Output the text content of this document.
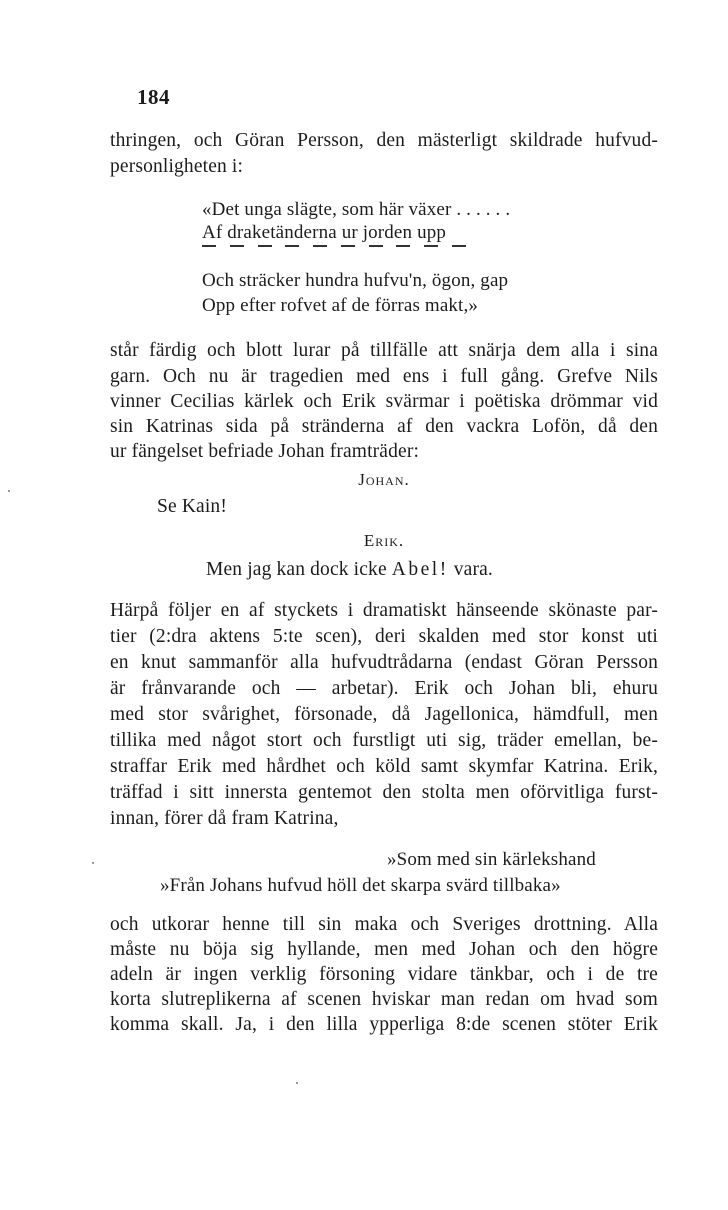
184
thringen, och Göran Persson, den mästerligt skildrade hufvud-
personligheten i:
«Det unga slägte, som här växer . . . . . .
Af draketänderna ur jorden upp
Och sträcker hundra hufvu'n, ögon, gap
Opp efter rofvet af de förras makt,»
står färdig och blott lurar på tillfälle att snärja dem alla i sina
garn. Och nu är tragedien med ens i full gång. Grefve Nils
vinner Cecilias kärlek och Erik svärmar i poëtiska drömmar vid
sin Katrinas sida på stränderna af den vackra Lofön, då den
ur fängelset befriade Johan framträder:
Johan.
Se Kain!
Erik.
Men jag kan dock icke Abel! vara.
Härpå följer en af styckets i dramatiskt hänseende skönaste par-
tier (2:dra aktens 5:te scen), deri skalden med stor konst uti
en knut sammanför alla hufvudtrådarna (endast Göran Persson
är frånvarande och — arbetar). Erik och Johan bli, ehuru
med stor svårighet, försonade, då Jagellonica, hämdfull, men
tillika med något stort och furstligt uti sig, träder emellan, be-
straffar Erik med hårdhet och köld samt skymfar Katrina. Erik,
träffad i sitt innersta gentemot den stolta men oförvitliga furst-
innan, förer då fram Katrina,
»Som med sin kärlekshand
»Från Johans hufvud höll det skarpa svärd tillbaka»
och utkorar henne till sin maka och Sveriges drottning. Alla
måste nu böja sig hyllande, men med Johan och den högre
adeln är ingen verklig försoning vidare tänkbar, och i de tre
korta slutreplikerna af scenen hviskar man redan om hvad som
komma skall. Ja, i den lilla ypperliga 8:de scenen stöter Erik
